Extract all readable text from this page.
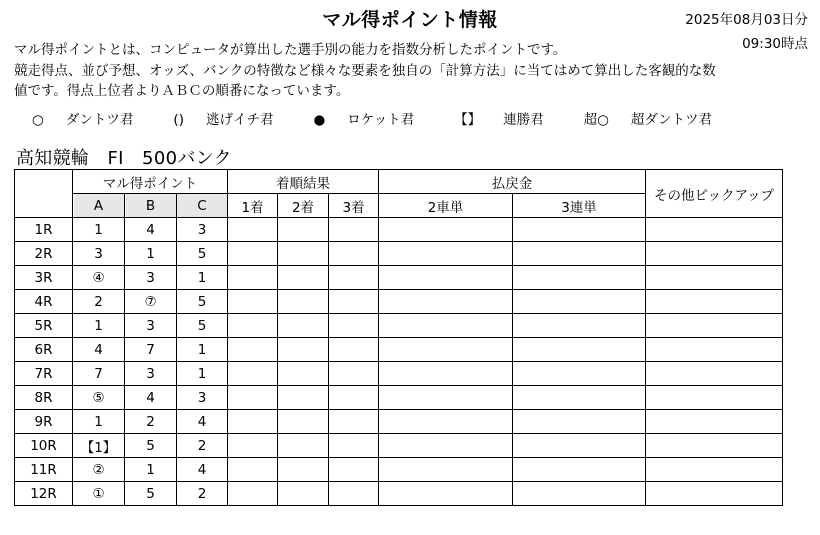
マル得ポイント情報	2025年08月03日分
09:30時点

マル得ポイントとは、コンピュータが算出した選手別の能力を指数分析したポイントです。

競走得点、並び予想、オッズ、バンクの特徴など様々な要素を独自の「計算方法」に当てはめて算出した客観的な数

値です。得点上位者よりＡＢＣの順番になっています。

○ ダントツ君	() 逃げイチ君	● ロケット君	【】 連勝君	超○ 超ダントツ君
高知競輪　FI　500バンク
	マル得ポイント			着順結果			払戻金		その他ピックアップ
	A	B	C	1着	2着	3着	2車単	3連単	
1R	1	4	3						
2R	3	1	5						
3R	④	3	1						
4R	2	⑦	5						
5R	1	3	5						
6R	4	7	1						
7R	7	3	1						
8R	⑤	4	3						
9R	1	2	4						
10R	【1】	5	2						
11R	②	1	4						
12R	①	5	2						
